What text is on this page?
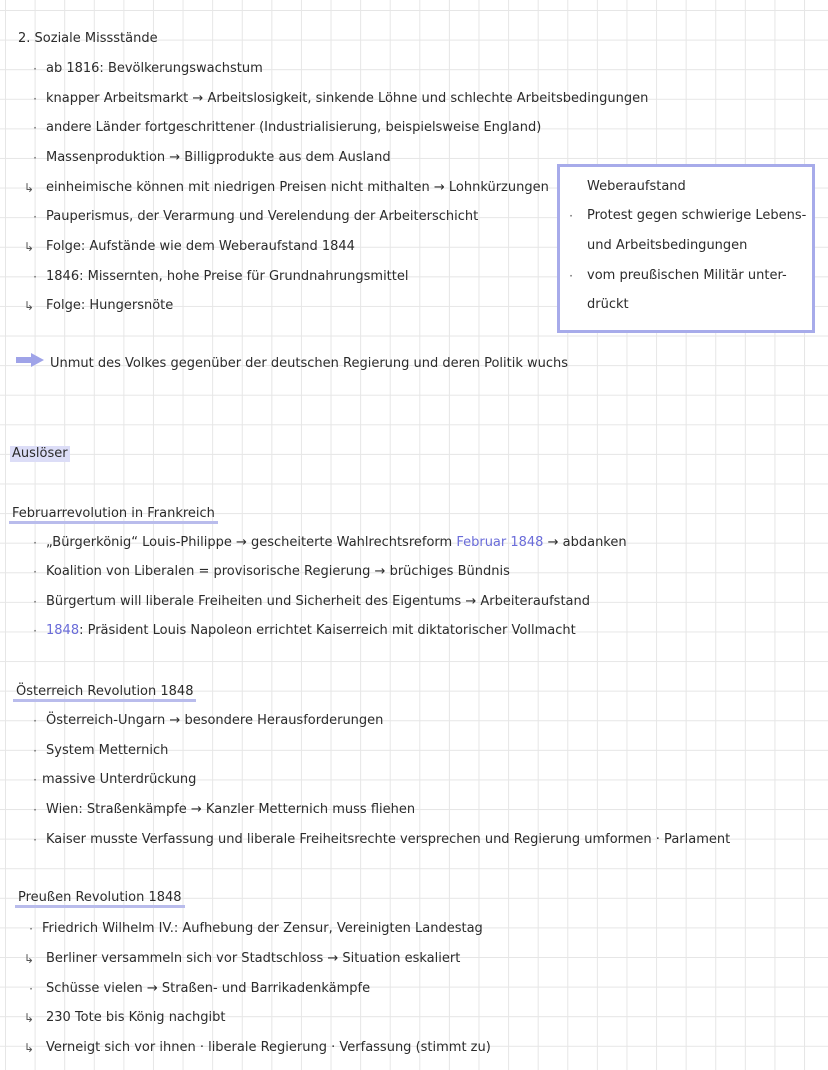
2. Soziale Missstände
· ab 1816: Bevölkerungswachstum
· knapper Arbeitsmarkt → Arbeitslosigkeit, sinkende Löhne und schlechte Arbeitsbedingungen
· andere Länder fortgeschrittener (Industrialisierung, beispielsweise England)
· Massenproduktion → Billigprodukte aus dem Ausland
↳ einheimische können mit niedrigen Preisen nicht mithalten → Lohnkürzungen
· Pauperismus, der Verarmung und Verelendung der Arbeiterschicht
↳ Folge: Aufstände wie dem Weberaufstand 1844
· 1846: Missernten, hohe Preise für Grundnahrungsmittel
↳ Folge: Hungersnöte
Weberaufstand
·	Protest gegen schwierige Lebens-
und Arbeitsbedingungen
·	vom preußischen Militär unter-
drückt
Unmut des Volkes gegenüber der deutschen Regierung und deren Politik wuchs
Auslöser
Februarrevolution in Frankreich
· „Bürgerkönig“ Louis-Philippe → gescheiterte Wahlrechtsreform Februar 1848 → abdanken
· Koalition von Liberalen = provisorische Regierung → brüchiges Bündnis
· Bürgertum will liberale Freiheiten und Sicherheit des Eigentums → Arbeiteraufstand
· 1848: Präsident Louis Napoleon errichtet Kaiserreich mit diktatorischer Vollmacht
Österreich Revolution 1848
· Österreich-Ungarn → besondere Herausforderungen
· System Metternich
· massive Unterdrückung
· Wien: Straßenkämpfe → Kanzler Metternich muss fliehen
· Kaiser musste Verfassung und liberale Freiheitsrechte versprechen und Regierung umformen · Parlament
Preußen Revolution 1848
· Friedrich Wilhelm IV.: Aufhebung der Zensur, Vereinigten Landestag
↳ Berliner versammeln sich vor Stadtschloss → Situation eskaliert
·	Schüsse vielen → Straßen- und Barrikadenkämpfe
↳ 230 Tote bis König nachgibt
↳ Verneigt sich vor ihnen · liberale Regierung · Verfassung (stimmt zu)
